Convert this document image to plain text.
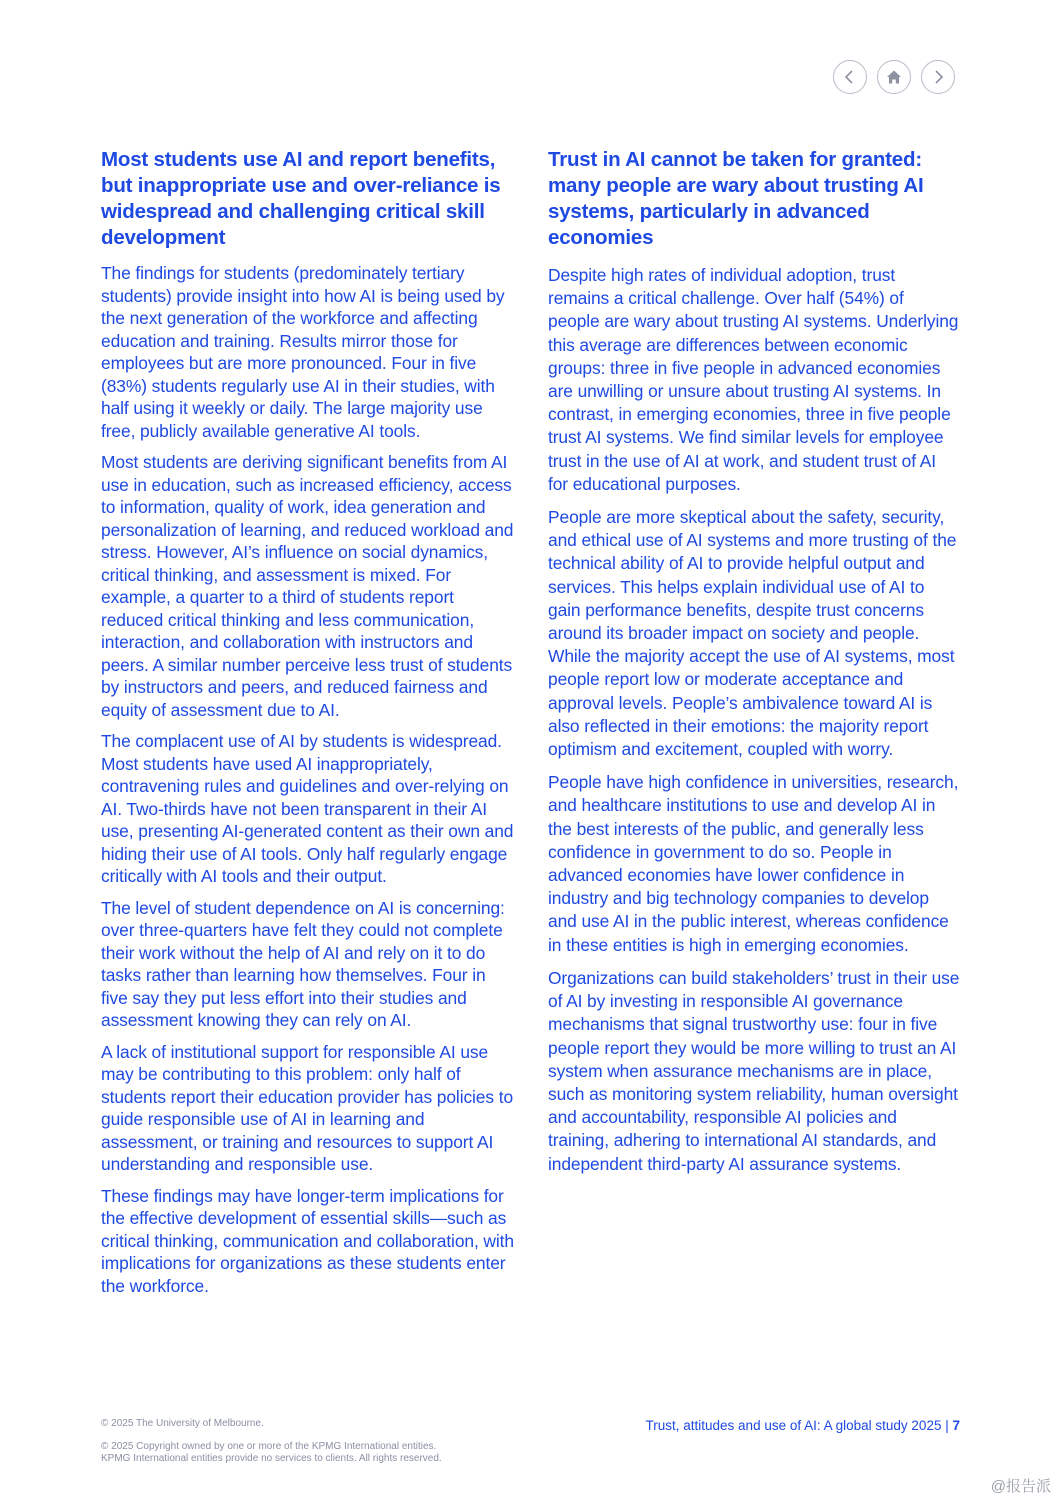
Most students use AI and report benefits, but inappropriate use and over-reliance is widespread and challenging critical skill development

The findings for students (predominately tertiary students) provide insight into how AI is being used by the next generation of the workforce and affecting education and training. Results mirror those for employees but are more pronounced. Four in five (83%) students regularly use AI in their studies, with half using it weekly or daily. The large majority use free, publicly available generative AI tools.

Most students are deriving significant benefits from AI use in education, such as increased efficiency, access to information, quality of work, idea generation and personalization of learning, and reduced workload and stress. However, AI’s influence on social dynamics, critical thinking, and assessment is mixed. For example, a quarter to a third of students report reduced critical thinking and less communication, interaction, and collaboration with instructors and peers. A similar number perceive less trust of students by instructors and peers, and reduced fairness and equity of assessment due to AI.

The complacent use of AI by students is widespread. Most students have used AI inappropriately, contravening rules and guidelines and over-relying on AI. Two-thirds have not been transparent in their AI use, presenting AI-generated content as their own and hiding their use of AI tools. Only half regularly engage critically with AI tools and their output.

The level of student dependence on AI is concerning: over three-quarters have felt they could not complete their work without the help of AI and rely on it to do tasks rather than learning how themselves. Four in five say they put less effort into their studies and assessment knowing they can rely on AI.

A lack of institutional support for responsible AI use may be contributing to this problem: only half of students report their education provider has policies to guide responsible use of AI in learning and assessment, or training and resources to support AI understanding and responsible use.

These findings may have longer-term implications for the effective development of essential skills—such as critical thinking, communication and collaboration, with implications for organizations as these students enter the workforce.

Trust in AI cannot be taken for granted: many people are wary about trusting AI systems, particularly in advanced economies

Despite high rates of individual adoption, trust remains a critical challenge. Over half (54%) of people are wary about trusting AI systems. Underlying this average are differences between economic groups: three in five people in advanced economies are unwilling or unsure about trusting AI systems. In contrast, in emerging economies, three in five people trust AI systems. We find similar levels for employee trust in the use of AI at work, and student trust of AI for educational purposes.

People are more skeptical about the safety, security, and ethical use of AI systems and more trusting of the technical ability of AI to provide helpful output and services. This helps explain individual use of AI to gain performance benefits, despite trust concerns around its broader impact on society and people. While the majority accept the use of AI systems, most people report low or moderate acceptance and approval levels. People’s ambivalence toward AI is also reflected in their emotions: the majority report optimism and excitement, coupled with worry.

People have high confidence in universities, research, and healthcare institutions to use and develop AI in the best interests of the public, and generally less confidence in government to do so. People in advanced economies have lower confidence in industry and big technology companies to develop and use AI in the public interest, whereas confidence in these entities is high in emerging economies.

Organizations can build stakeholders’ trust in their use of AI by investing in responsible AI governance mechanisms that signal trustworthy use: four in five people report they would be more willing to trust an AI system when assurance mechanisms are in place, such as monitoring system reliability, human oversight and accountability, responsible AI policies and training, adhering to international AI standards, and independent third-party AI assurance systems.

© 2025 The University of Melbourne.
© 2025 Copyright owned by one or more of the KPMG International entities.
KPMG International entities provide no services to clients. All rights reserved.
Trust, attitudes and use of AI: A global study 2025 | 7
@报告派
